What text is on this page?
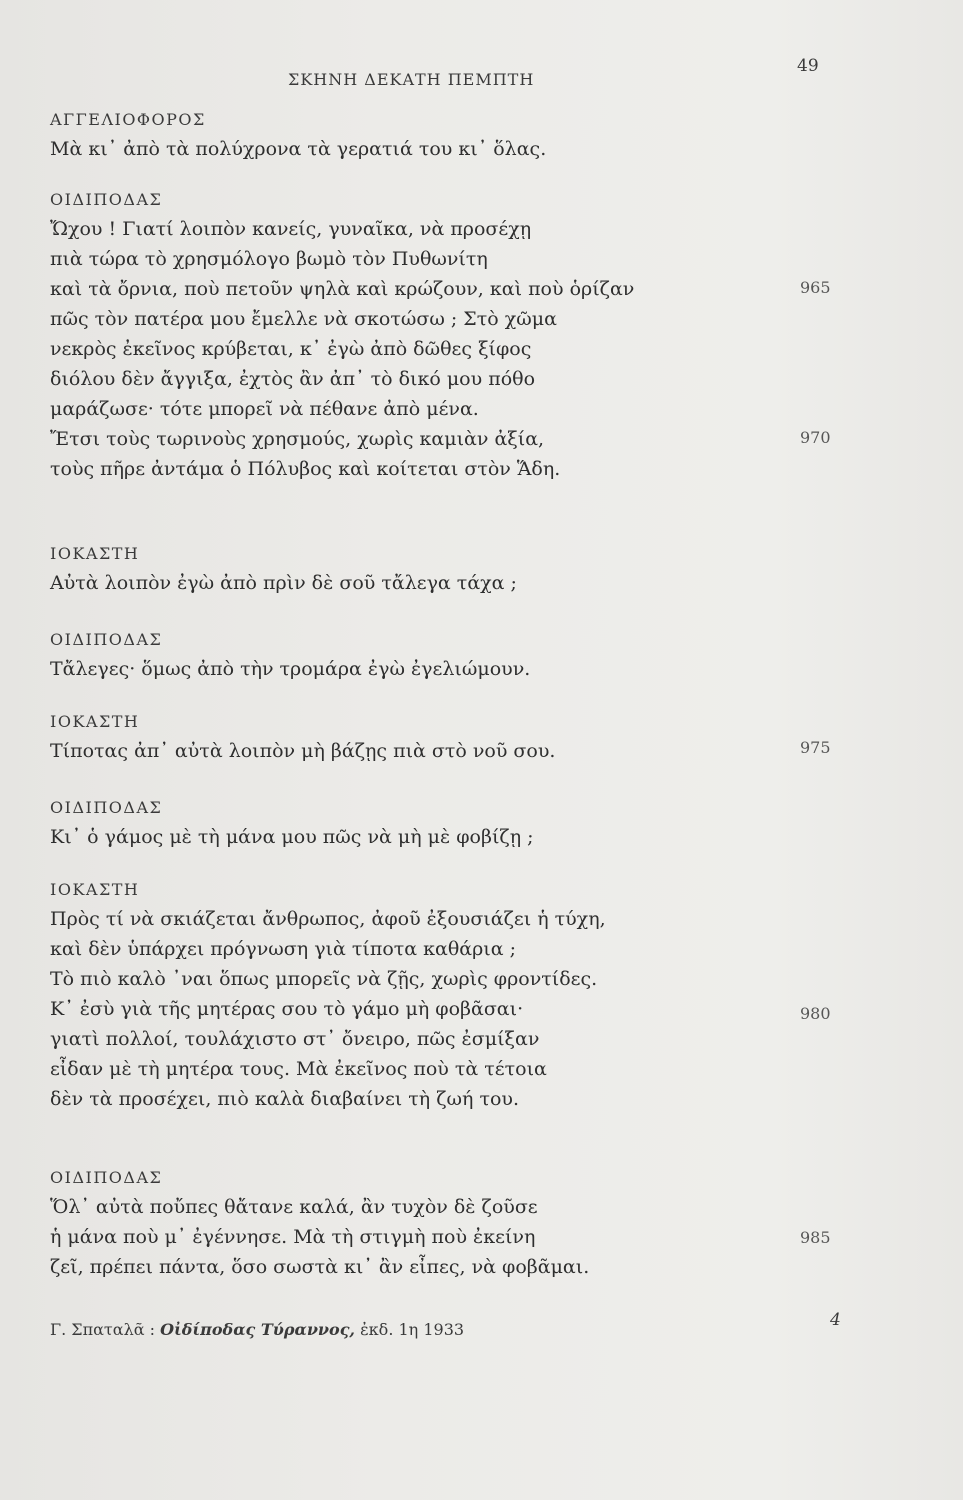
ΣΚΗΝΗ ΔΕΚΑΤΗ ΠΕΜΠΤΗ
49
ΑΓΓΕΛΙΟΦΟΡΟΣ
Μὰ κι᾽ ἀπὸ τὰ πολύχρονα τὰ γερατιά του κι᾽ ὅλας.
ΟΙΔΙΠΟΔΑΣ
Ὤχου ! Γιατί λοιπὸν κανείς, γυναῖκα, νὰ προσέχῃ
πιὰ τώρα τὸ χρησμόλογο βωμὸ τὸν Πυθωνίτη
καὶ τὰ ὄρνια, ποὺ πετοῦν ψηλὰ καὶ κρώζουν, καὶ ποὺ ὁρίζαν
πῶς τὸν πατέρα μου ἔμελλε νὰ σκοτώσω ; Στὸ χῶμα
νεκρὸς ἐκεῖνος κρύβεται, κ᾽ ἐγὼ ἀπὸ δῶθες ξίφος
διόλου δὲν ἄγγιξα, ἐχτὸς ἂν ἀπ᾽ τὸ δικό μου πόθο
μαράζωσε· τότε μπορεῖ νὰ πέθανε ἀπὸ μένα.
Ἔτσι τοὺς τωρινοὺς χρησμούς, χωρὶς καμιὰν ἀξία,
τοὺς πῆρε ἀντάμα ὁ Πόλυβος καὶ κοίτεται στὸν Ἅδη.
ΙΟΚΑΣΤΗ
Αὐτὰ λοιπὸν ἐγὼ ἀπὸ πρὶν δὲ σοῦ τἄλεγα τάχα ;
ΟΙΔΙΠΟΔΑΣ
Τἄλεγες· ὅμως ἀπὸ τὴν τρομάρα ἐγὼ ἐγελιώμουν.
ΙΟΚΑΣΤΗ
Τίποτας ἀπ᾽ αὐτὰ λοιπὸν μὴ βάζῃς πιὰ στὸ νοῦ σου.
ΟΙΔΙΠΟΔΑΣ
Κι᾽ ὁ γάμος μὲ τὴ μάνα μου πῶς νὰ μὴ μὲ φοβίζῃ ;
ΙΟΚΑΣΤΗ
Πρὸς τί νὰ σκιάζεται ἄνθρωπος, ἀφοῦ ἐξουσιάζει ἡ τύχη,
καὶ δὲν ὑπάρχει πρόγνωση γιὰ τίποτα καθάρια ;
Τὸ πιὸ καλὸ ᾽ναι ὅπως μπορεῖς νὰ ζῇς, χωρὶς φροντίδες.
Κ᾽ ἐσὺ γιὰ τῆς μητέρας σου τὸ γάμο μὴ φοβᾶσαι·
γιατὶ πολλοί, τουλάχιστο στ᾽ ὄνειρο, πῶς ἐσμίξαν
εἶδαν μὲ τὴ μητέρα τους. Μὰ ἐκεῖνος ποὺ τὰ τέτοια
δὲν τὰ προσέχει, πιὸ καλὰ διαβαίνει τὴ ζωή του.
ΟΙΔΙΠΟΔΑΣ
Ὅλ᾽ αὐτὰ ποὔπες θἄτανε καλά, ἂν τυχὸν δὲ ζοῦσε
ἡ μάνα ποὺ μ᾽ ἐγέννησε. Μὰ τὴ στιγμὴ ποὺ ἐκείνη
ζεῖ, πρέπει πάντα, ὅσο σωστὰ κι᾽ ἂν εἶπες, νὰ φοβᾶμαι.
965
970
975
980
985
Γ. Σπαταλᾶ : Οἰδίποδας Τύραννος, ἐκδ. 1η 1933	4
